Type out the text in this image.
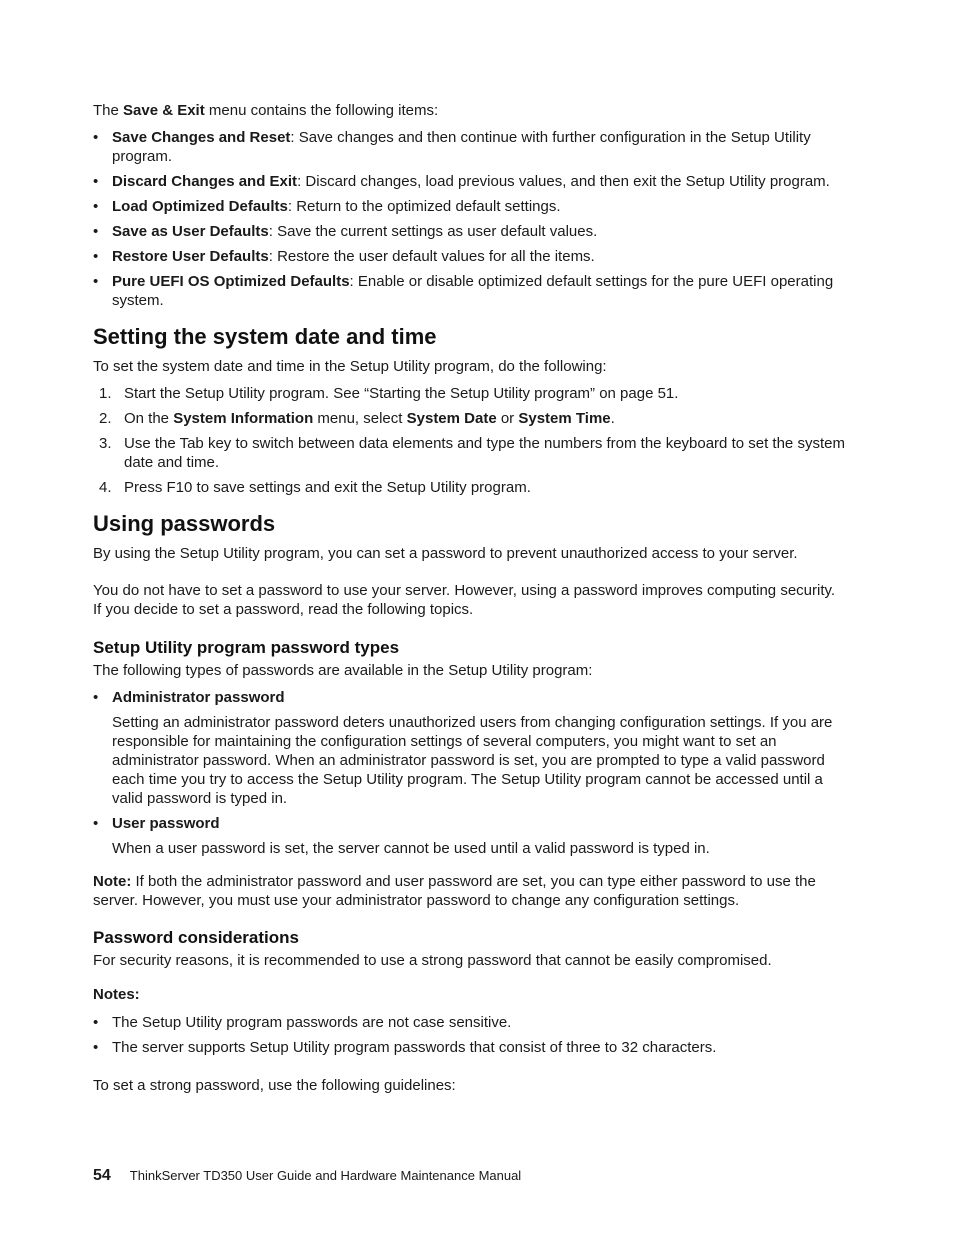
The Save & Exit menu contains the following items:

• Save Changes and Reset: Save changes and then continue with further configuration in the Setup Utility program.
• Discard Changes and Exit: Discard changes, load previous values, and then exit the Setup Utility program.
• Load Optimized Defaults: Return to the optimized default settings.
• Save as User Defaults: Save the current settings as user default values.
• Restore User Defaults: Restore the user default values for all the items.
• Pure UEFI OS Optimized Defaults: Enable or disable optimized default settings for the pure UEFI operating system.
Setting the system date and time

To set the system date and time in the Setup Utility program, do the following:

1. Start the Setup Utility program. See “Starting the Setup Utility program” on page 51.
2. On the System Information menu, select System Date or System Time.
3. Use the Tab key to switch between data elements and type the numbers from the keyboard to set the system date and time.
4. Press F10 to save settings and exit the Setup Utility program.
Using passwords

By using the Setup Utility program, you can set a password to prevent unauthorized access to your server.

You do not have to set a password to use your server. However, using a password improves computing security. If you decide to set a password, read the following topics.

Setup Utility program password types

The following types of passwords are available in the Setup Utility program:

• Administrator password

Setting an administrator password deters unauthorized users from changing configuration settings. If you are responsible for maintaining the configuration settings of several computers, you might want to set an administrator password. When an administrator password is set, you are prompted to type a valid password each time you try to access the Setup Utility program. The Setup Utility program cannot be accessed until a valid password is typed in.

• User password

When a user password is set, the server cannot be used until a valid password is typed in.

Note: If both the administrator password and user password are set, you can type either password to use the server. However, you must use your administrator password to change any configuration settings.

Password considerations

For security reasons, it is recommended to use a strong password that cannot be easily compromised.

Notes:

• The Setup Utility program passwords are not case sensitive.
• The server supports Setup Utility program passwords that consist of three to 32 characters.

To set a strong password, use the following guidelines:

54 ThinkServer TD350 User Guide and Hardware Maintenance Manual
